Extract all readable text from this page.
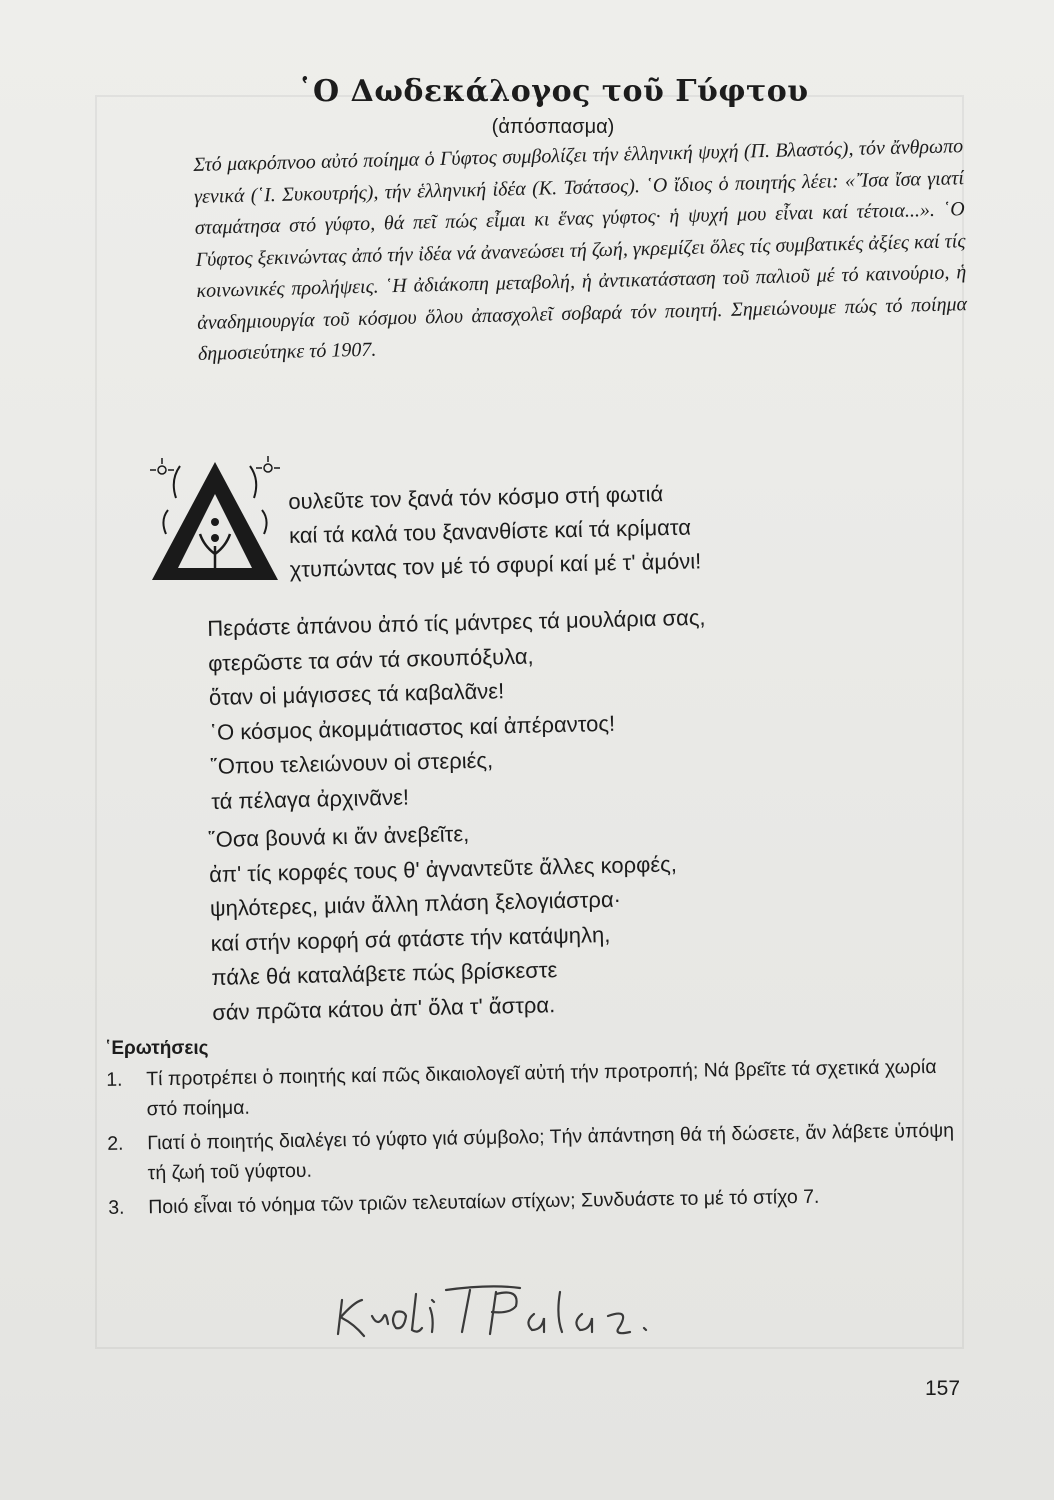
῾Ο Δωδεκάλογος τοῦ Γύφτου
(ἀπόσπασμα)

Στό μακρόπνοο αὐτό ποίημα ὁ Γύφτος συμβολίζει τήν ἑλληνική ψυχή (Π. Βλαστός), τόν ἄνθρωπο γενικά (῾Ι. Συκουτρής), τήν ἑλληνική ἰδέα (Κ. Τσάτσος). ῾Ο ἴδιος ὁ ποιητής λέει: «῎Ισα ἴσα γιατί σταμάτησα στό γύφτο, θά πεῖ πώς εἶμαι κι ἕνας γύφτος· ἡ ψυχή μου εἶναι καί τέτοια...». ῾Ο Γύφτος ξεκινώντας ἀπό τήν ἰδέα νά ἀνανεώσει τή ζωή, γκρεμίζει ὅλες τίς συμβατικές ἀξίες καί τίς κοινωνικές προλήψεις. ῾Η ἀδιάκοπη μεταβολή, ἡ ἀντικατάσταση τοῦ παλιοῦ μέ τό καινούριο, ἡ ἀναδημιουργία τοῦ κόσμου ὅλου ἀπασχολεῖ σοβαρά τόν ποιητή. Σημειώνουμε πώς τό ποίημα δημοσιεύτηκε τό 1907.

ουλεῦτε τον ξανά τόν κόσμο στή φωτιά
καί τά καλά του ξανανθίστε καί τά κρίματα
χτυπώντας τον μέ τό σφυρί καί μέ τ' ἀμόνι!
Περάστε ἀπάνου ἀπό τίς μάντρες τά μουλάρια σας,
φτερῶστε τα σάν τά σκουπόξυλα,
ὅταν οἱ μάγισσες τά καβαλᾶνε!
῾Ο κόσμος ἀκομμάτιαστος καί ἀπέραντος!
῞Οπου τελειώνουν οἱ στεριές,
τά πέλαγα ἀρχινᾶνε!
῞Οσα βουνά κι ἄν ἀνεβεῖτε,
ἀπ' τίς κορφές τους θ' ἀγναντεῦτε ἄλλες κορφές,
ψηλότερες, μιάν ἄλλη πλάση ξελογιάστρα·
καί στήν κορφή σά φτάστε τήν κατάψηλη,
πάλε θά καταλάβετε πώς βρίσκεστε
σάν πρῶτα κάτου ἀπ' ὅλα τ' ἄστρα.
῾Ερωτήσεις
1. Τί προτρέπει ὁ ποιητής καί πῶς δικαιολογεῖ αὐτή τήν προτροπή; Νά βρεῖτε τά σχετικά χωρία στό ποίημα.
2. Γιατί ὁ ποιητής διαλέγει τό γύφτο γιά σύμβολο; Τήν ἀπάντηση θά τή δώσετε, ἄν λάβετε ὑπόψη τή ζωή τοῦ γύφτου.
3. Ποιό εἶναι τό νόημα τῶν τριῶν τελευταίων στίχων; Συνδυάστε το μέ τό στίχο 7.
157
